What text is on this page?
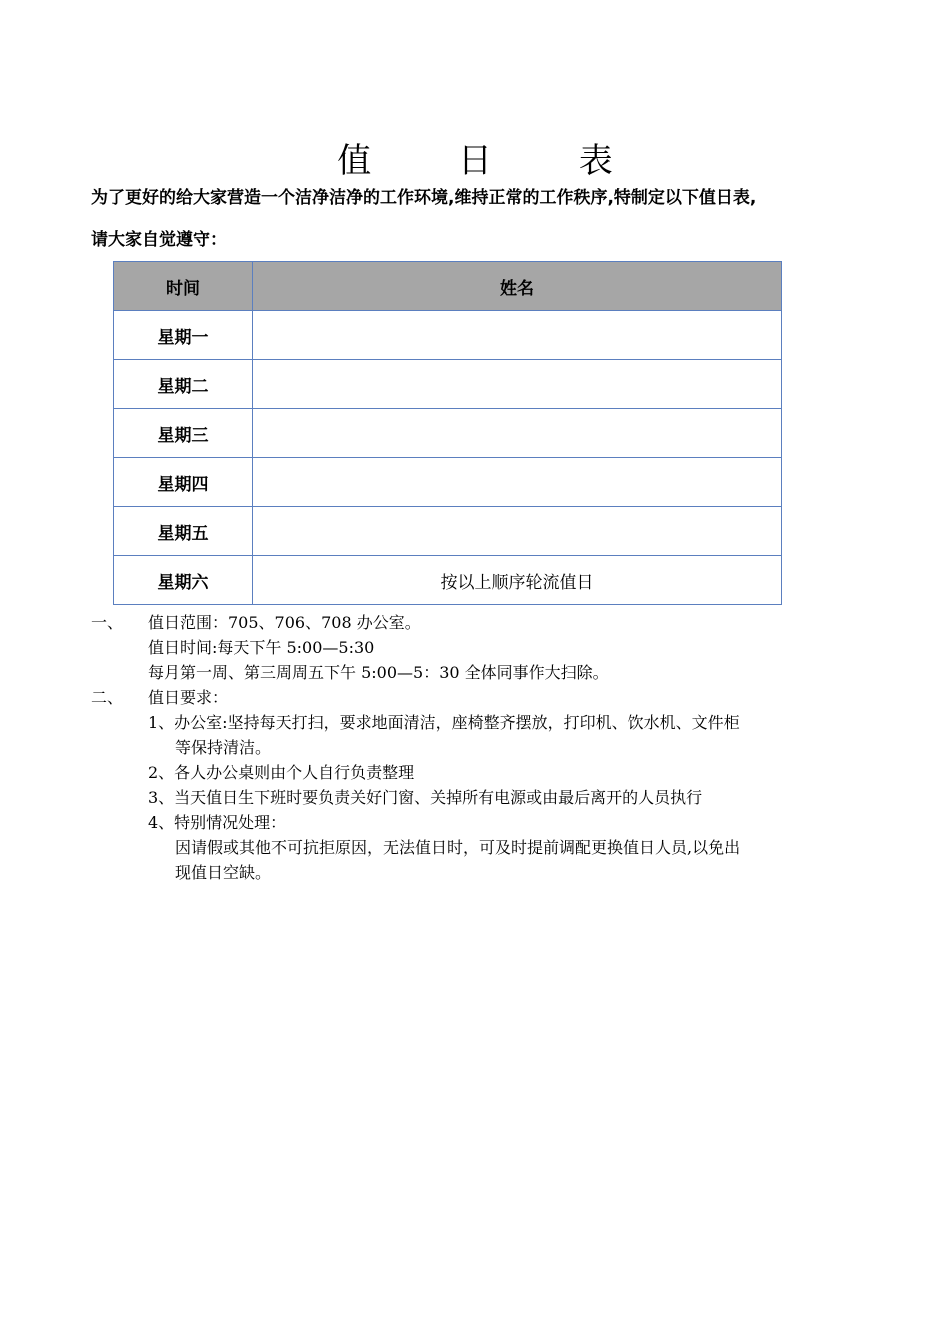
值 日 表
为了更好的给大家营造一个洁净洁净的工作环境,维持正常的工作秩序,特制定以下值日表,
请大家自觉遵守：
时间	姓名
星期一	
星期二	
星期三	
星期四	
星期五	
星期六	按以上顺序轮流值日
一、 值日范围：705、706、708 办公室。
值日时间:每天下午 5:00—5:30
每月第一周、第三周周五下午 5:00—5：30 全体同事作大扫除。
二、 值日要求：
1、办公室:坚持每天打扫，要求地面清洁，座椅整齐摆放，打印机、饮水机、文件柜
等保持清洁。
2、各人办公桌则由个人自行负责整理
3、当天值日生下班时要负责关好门窗、关掉所有电源或由最后离开的人员执行
4、特别情况处理：
因请假或其他不可抗拒原因，无法值日时，可及时提前调配更换值日人员,以免出
现值日空缺。
